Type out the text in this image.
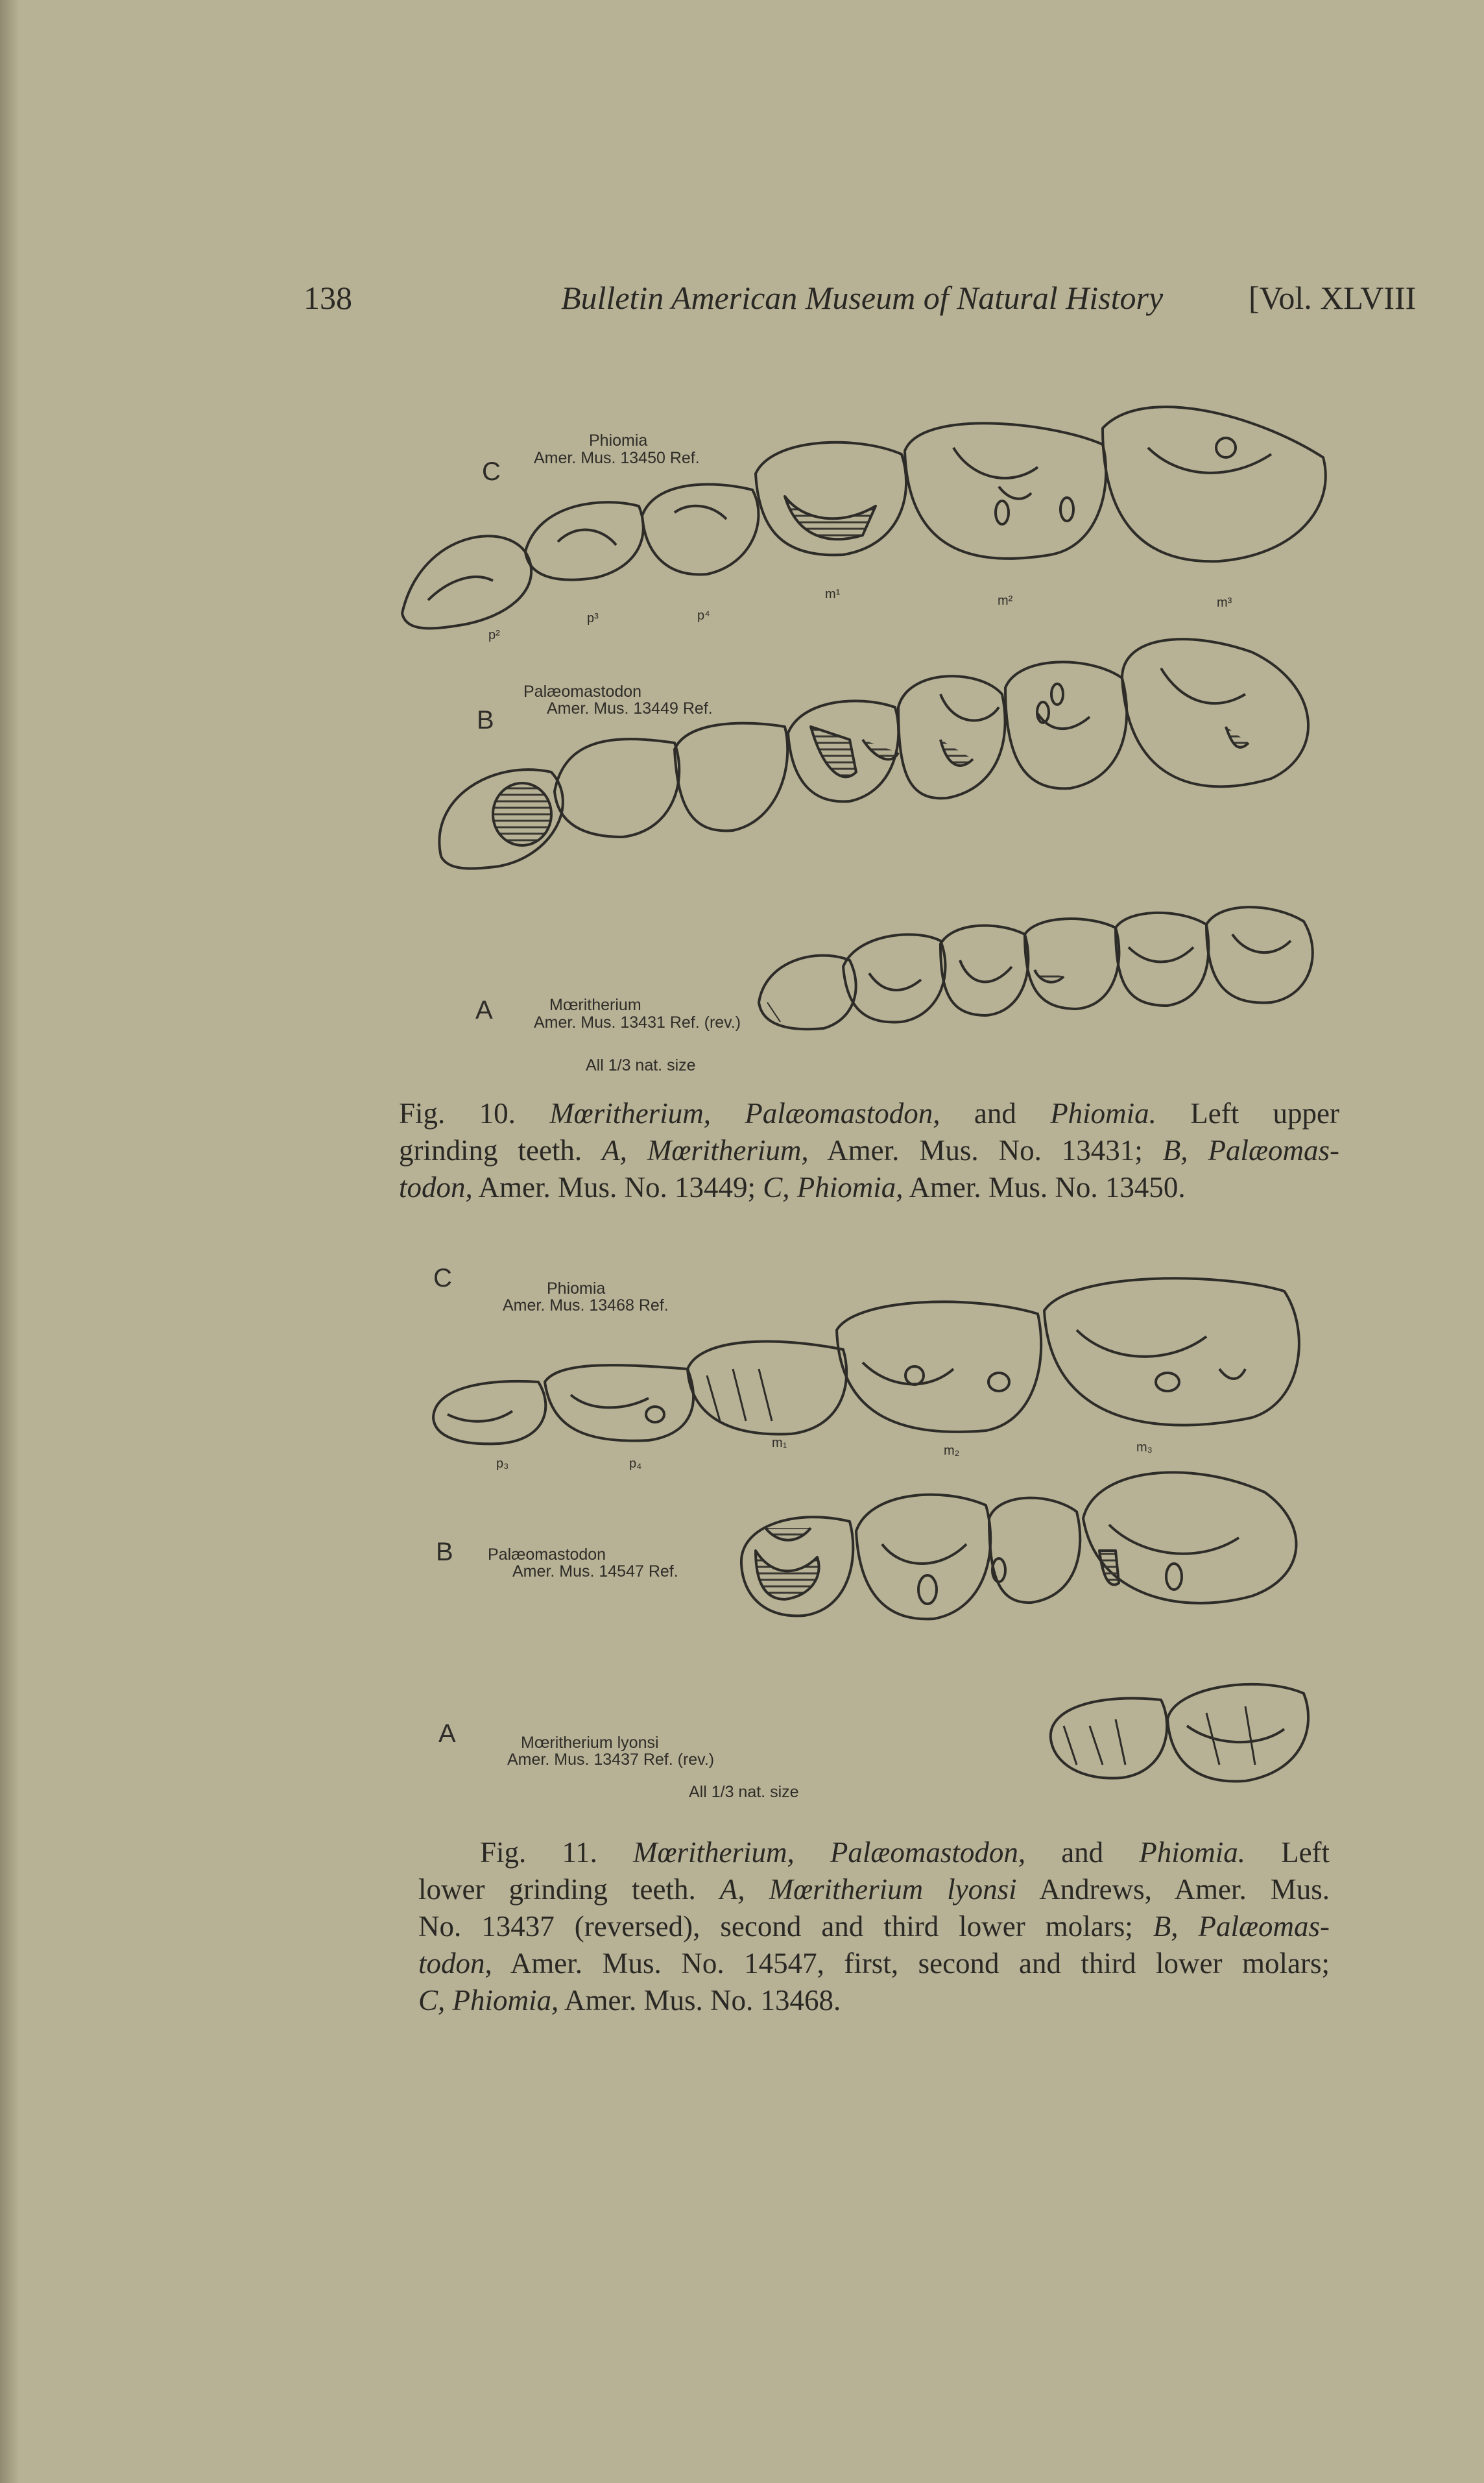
138	Bulletin American Museum of Natural History	[Vol. XLVIII
C
Phiomia
Amer. Mus. 13450 Ref.
p²
p³	p⁴
m¹	m²	m³
B
Palæomastodon
Amer. Mus. 13449 Ref.
A	Mœritherium
Amer. Mus. 13431 Ref. (rev.)
All 1/3 nat. size
Fig. 10. Mœritherium, Palæomastodon, and Phiomia. Left upper
grinding teeth. A, Mœritherium, Amer. Mus. No. 13431; B, Palæomas-
todon, Amer. Mus. No. 13449; C, Phiomia, Amer. Mus. No. 13450.
C	Phiomia
Amer. Mus. 13468 Ref.
p₃	p₄
m₁
m₂	m₃
B Palæomastodon
Amer. Mus. 14547 Ref.
A	Mœritherium lyonsi
Amer. Mus. 13437 Ref. (rev.)
All 1/3 nat. size
Fig. 11. Mœritherium, Palæomastodon, and Phiomia. Left
lower grinding teeth. A, Mœritherium lyonsi Andrews, Amer. Mus.
No. 13437 (reversed), second and third lower molars; B, Palæomas-
todon, Amer. Mus. No. 14547, first, second and third lower molars;
C, Phiomia, Amer. Mus. No. 13468.
